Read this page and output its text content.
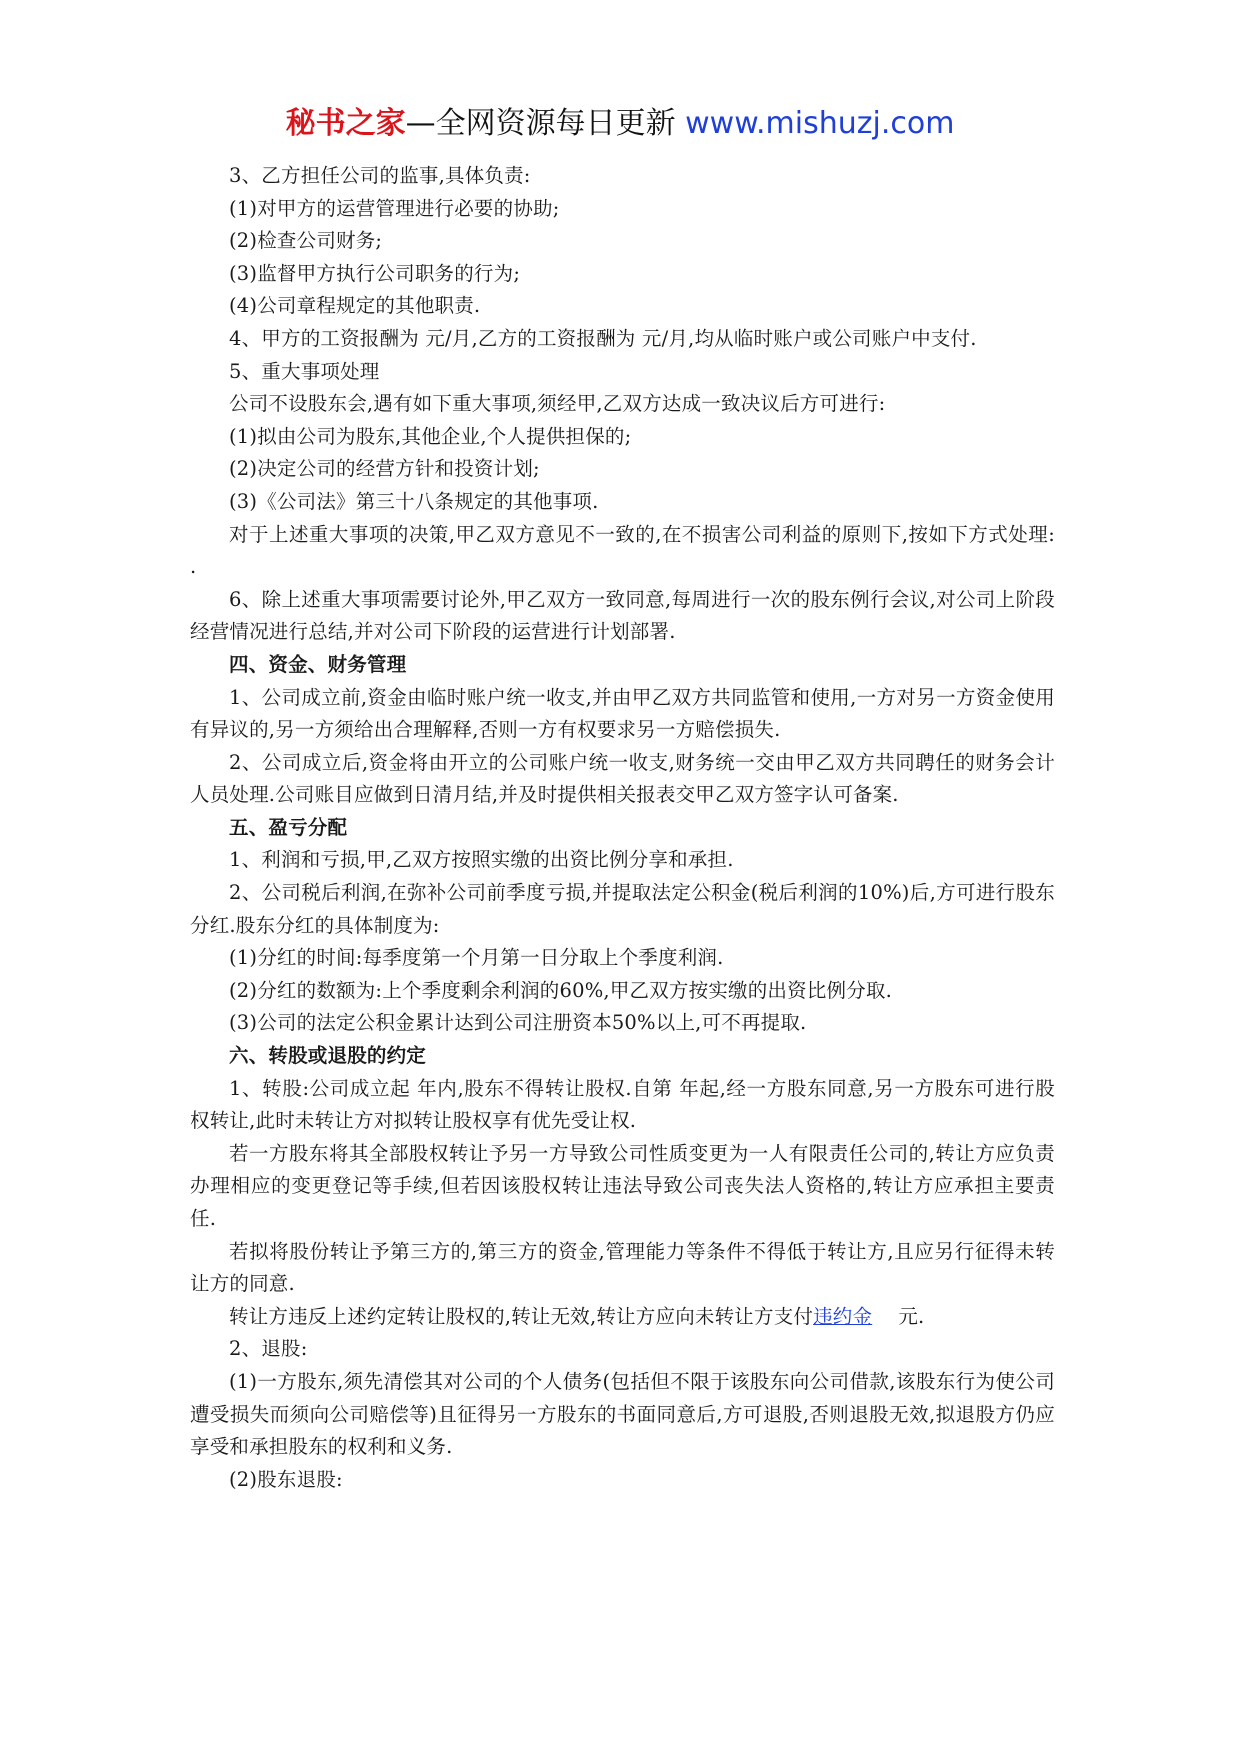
秘书之家—全网资源每日更新 www.mishuzj.com

3、乙方担任公司的监事,具体负责:

(1)对甲方的运营管理进行必要的协助;

(2)检查公司财务;

(3)监督甲方执行公司职务的行为;

(4)公司章程规定的其他职责.

4、甲方的工资报酬为 元/月,乙方的工资报酬为 元/月,均从临时账户或公司账户中支付.

5、重大事项处理

公司不设股东会,遇有如下重大事项,须经甲,乙双方达成一致决议后方可进行:

(1)拟由公司为股东,其他企业,个人提供担保的;

(2)决定公司的经营方针和投资计划;

(3)《公司法》第三十八条规定的其他事项.

对于上述重大事项的决策,甲乙双方意见不一致的,在不损害公司利益的原则下,按如下方式处理: .

6、除上述重大事项需要讨论外,甲乙双方一致同意,每周进行一次的股东例行会议,对公司上阶段经营情况进行总结,并对公司下阶段的运营进行计划部署.

四、资金、财务管理

1、公司成立前,资金由临时账户统一收支,并由甲乙双方共同监管和使用,一方对另一方资金使用有异议的,另一方须给出合理解释,否则一方有权要求另一方赔偿损失.

2、公司成立后,资金将由开立的公司账户统一收支,财务统一交由甲乙双方共同聘任的财务会计人员处理.公司账目应做到日清月结,并及时提供相关报表交甲乙双方签字认可备案.

五、盈亏分配

1、利润和亏损,甲,乙双方按照实缴的出资比例分享和承担.

2、公司税后利润,在弥补公司前季度亏损,并提取法定公积金(税后利润的10%)后,方可进行股东分红.股东分红的具体制度为:

(1)分红的时间:每季度第一个月第一日分取上个季度利润.

(2)分红的数额为:上个季度剩余利润的60%,甲乙双方按实缴的出资比例分取.

(3)公司的法定公积金累计达到公司注册资本50%以上,可不再提取.

六、转股或退股的约定

1、转股:公司成立起 年内,股东不得转让股权.自第 年起,经一方股东同意,另一方股东可进行股权转让,此时未转让方对拟转让股权享有优先受让权.

若一方股东将其全部股权转让予另一方导致公司性质变更为一人有限责任公司的,转让方应负责办理相应的变更登记等手续,但若因该股权转让违法导致公司丧失法人资格的,转让方应承担主要责任.

若拟将股份转让予第三方的,第三方的资金,管理能力等条件不得低于转让方,且应另行征得未转让方的同意.

转让方违反上述约定转让股权的,转让无效,转让方应向未转让方支付违约金　 元.

2、退股:

(1)一方股东,须先清偿其对公司的个人债务(包括但不限于该股东向公司借款,该股东行为使公司遭受损失而须向公司赔偿等)且征得另一方股东的书面同意后,方可退股,否则退股无效,拟退股方仍应享受和承担股东的权利和义务.

(2)股东退股:
